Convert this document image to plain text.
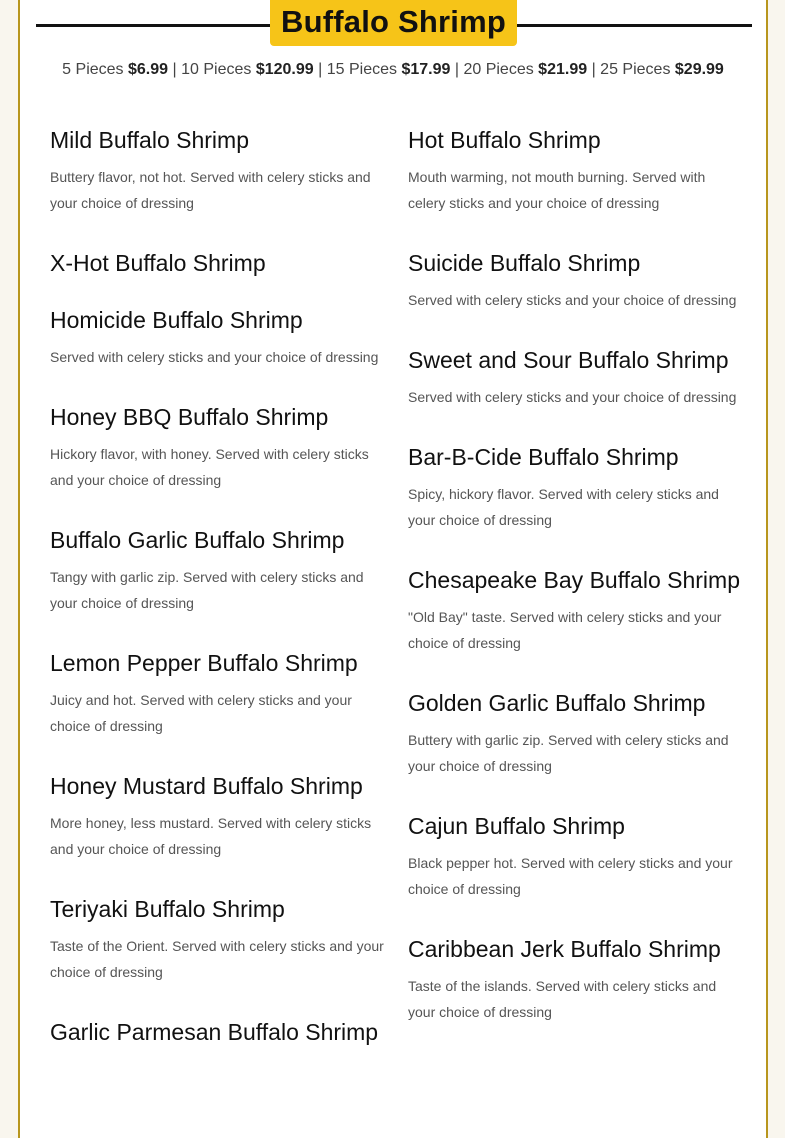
Buffalo Shrimp
5 Pieces $6.99 | 10 Pieces $120.99 | 15 Pieces $17.99 | 20 Pieces $21.99 | 25 Pieces $29.99
Mild Buffalo Shrimp

Buttery flavor, not hot. Served with celery sticks and your choice of dressing

X-Hot Buffalo Shrimp
Homicide Buffalo Shrimp

Served with celery sticks and your choice of dressing

Honey BBQ Buffalo Shrimp

Hickory flavor, with honey. Served with celery sticks and your choice of dressing

Buffalo Garlic Buffalo Shrimp

Tangy with garlic zip. Served with celery sticks and your choice of dressing

Lemon Pepper Buffalo Shrimp

Juicy and hot. Served with celery sticks and your choice of dressing

Honey Mustard Buffalo Shrimp

More honey, less mustard. Served with celery sticks and your choice of dressing

Teriyaki Buffalo Shrimp

Taste of the Orient. Served with celery sticks and your choice of dressing

Garlic Parmesan Buffalo Shrimp
Hot Buffalo Shrimp

Mouth warming, not mouth burning. Served with celery sticks and your choice of dressing

Suicide Buffalo Shrimp

Served with celery sticks and your choice of dressing

Sweet and Sour Buffalo Shrimp

Served with celery sticks and your choice of dressing

Bar-B-Cide Buffalo Shrimp

Spicy, hickory flavor. Served with celery sticks and your choice of dressing

Chesapeake Bay Buffalo Shrimp

"Old Bay" taste. Served with celery sticks and your choice of dressing

Golden Garlic Buffalo Shrimp

Buttery with garlic zip. Served with celery sticks and your choice of dressing

Cajun Buffalo Shrimp

Black pepper hot. Served with celery sticks and your choice of dressing

Caribbean Jerk Buffalo Shrimp

Taste of the islands. Served with celery sticks and your choice of dressing
